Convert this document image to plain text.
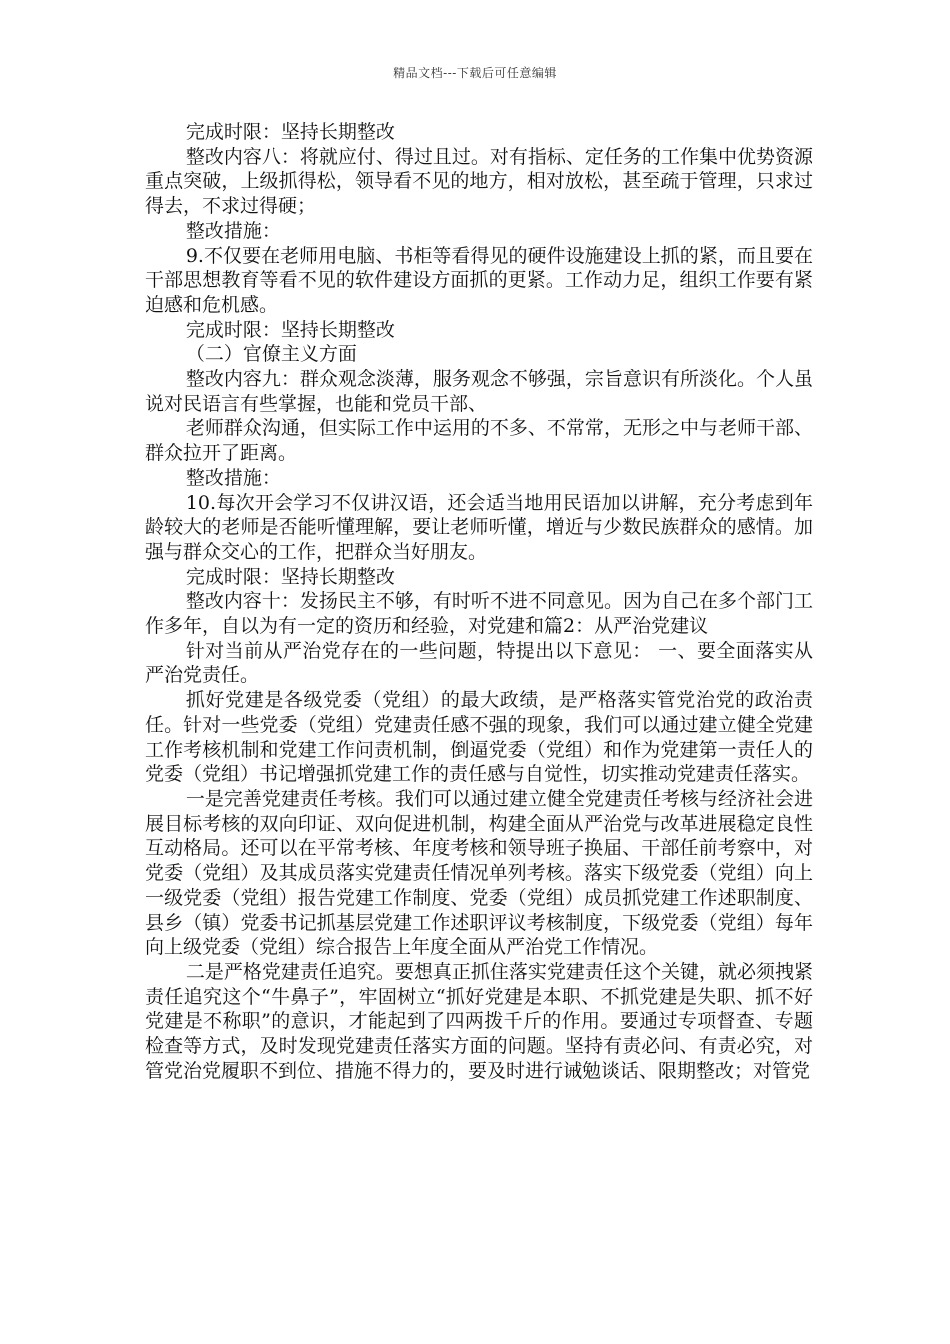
精品文档---下载后可任意编辑

完成时限：坚持长期整改

整改内容八：将就应付、得过且过。对有指标、定任务的工作集中优势资源重点突破，上级抓得松，领导看不见的地方，相对放松，甚至疏于管理，只求过得去，不求过得硬；

整改措施：

9.不仅要在老师用电脑、书柜等看得见的硬件设施建设上抓的紧，而且要在干部思想教育等看不见的软件建设方面抓的更紧。工作动力足，组织工作要有紧迫感和危机感。

完成时限：坚持长期整改

（二）官僚主义方面

整改内容九：群众观念淡薄，服务观念不够强，宗旨意识有所淡化。个人虽说对民语言有些掌握，也能和党员干部、

老师群众沟通，但实际工作中运用的不多、不常常，无形之中与老师干部、群众拉开了距离。

整改措施：

10.每次开会学习不仅讲汉语，还会适当地用民语加以讲解，充分考虑到年龄较大的老师是否能听懂理解，要让老师听懂，增近与少数民族群众的感情。加强与群众交心的工作，把群众当好朋友。

完成时限：坚持长期整改

整改内容十：发扬民主不够，有时听不进不同意见。因为自己在多个部门工作多年，自以为有一定的资历和经验，对党建和篇2：从严治党建议

针对当前从严治党存在的一些问题，特提出以下意见： 一、要全面落实从严治党责任。

抓好党建是各级党委（党组）的最大政绩，是严格落实管党治党的政治责任。针对一些党委（党组）党建责任感不强的现象，我们可以通过建立健全党建工作考核机制和党建工作问责机制，倒逼党委（党组）和作为党建第一责任人的党委（党组）书记增强抓党建工作的责任感与自觉性，切实推动党建责任落实。

一是完善党建责任考核。我们可以通过建立健全党建责任考核与经济社会进展目标考核的双向印证、双向促进机制，构建全面从严治党与改革进展稳定良性互动格局。还可以在平常考核、年度考核和领导班子换届、干部任前考察中，对党委（党组）及其成员落实党建责任情况单列考核。落实下级党委（党组）向上一级党委（党组）报告党建工作制度、党委（党组）成员抓党建工作述职制度、县乡（镇）党委书记抓基层党建工作述职评议考核制度，下级党委（党组）每年向上级党委（党组）综合报告上年度全面从严治党工作情况。

二是严格党建责任追究。要想真正抓住落实党建责任这个关键，就必须拽紧责任追究这个“牛鼻子”，牢固树立“抓好党建是本职、不抓党建是失职、抓不好党建是不称职”的意识，才能起到了四两拨千斤的作用。要通过专项督查、专题检查等方式，及时发现党建责任落实方面的问题。坚持有责必问、有责必究，对管党治党履职不到位、措施不得力的，要及时进行诫勉谈话、限期整改；对管党
